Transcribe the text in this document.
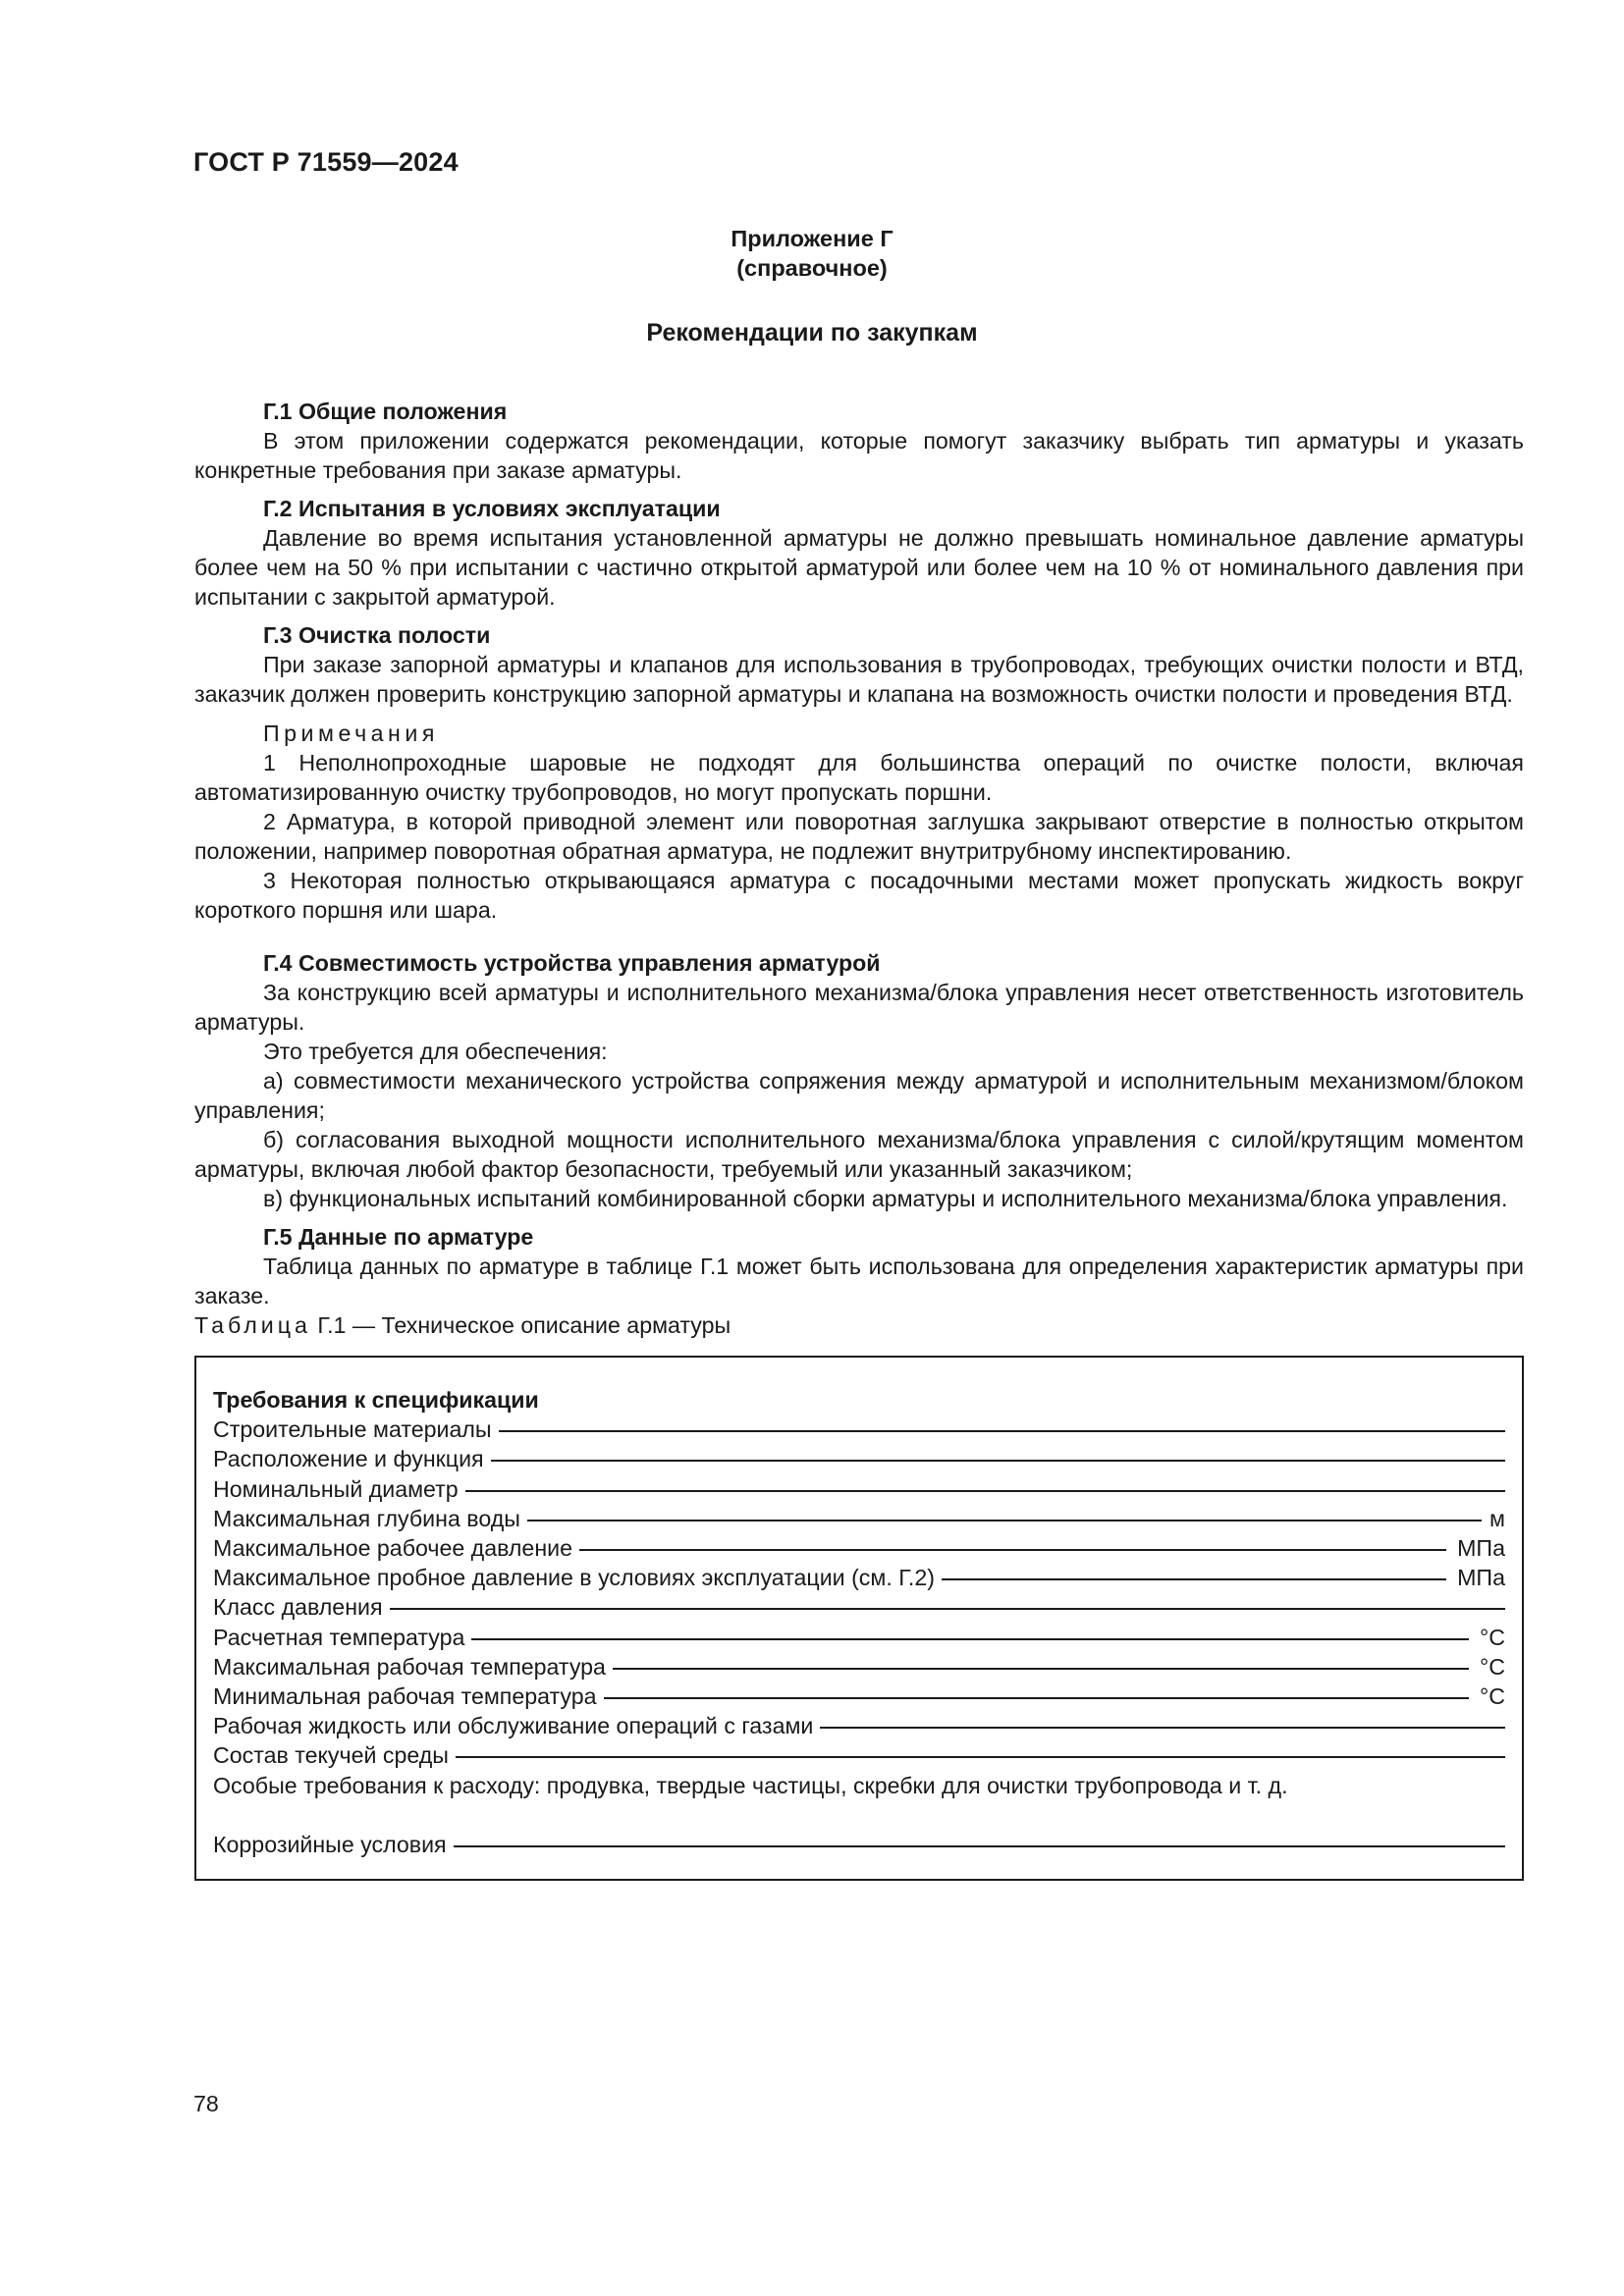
ГОСТ Р 71559—2024
Приложение Г
(справочное)
Рекомендации по закупкам
Г.1 Общие положения

В этом приложении содержатся рекомендации, которые помогут заказчику выбрать тип арматуры и указать конкретные требования при заказе арматуры.

Г.2 Испытания в условиях эксплуатации

Давление во время испытания установленной арматуры не должно превышать номинальное давление арматуры более чем на 50 % при испытании с частично открытой арматурой или более чем на 10 % от номинального давления при испытании с закрытой арматурой.

Г.3 Очистка полости

При заказе запорной арматуры и клапанов для использования в трубопроводах, требующих очистки полости и ВТД, заказчик должен проверить конструкцию запорной арматуры и клапана на возможность очистки полости и проведения ВТД.

Примечания

1 Неполнопроходные шаровые не подходят для большинства операций по очистке полости, включая автоматизированную очистку трубопроводов, но могут пропускать поршни.

2 Арматура, в которой приводной элемент или поворотная заглушка закрывают отверстие в полностью открытом положении, например поворотная обратная арматура, не подлежит внутритрубному инспектированию.

3 Некоторая полностью открывающаяся арматура с посадочными местами может пропускать жидкость вокруг короткого поршня или шара.

Г.4 Совместимость устройства управления арматурой

За конструкцию всей арматуры и исполнительного механизма/блока управления несет ответственность изготовитель арматуры.

Это требуется для обеспечения:

а) совместимости механического устройства сопряжения между арматурой и исполнительным механизмом/блоком управления;

б) согласования выходной мощности исполнительного механизма/блока управления с силой/крутящим моментом арматуры, включая любой фактор безопасности, требуемый или указанный заказчиком;

в) функциональных испытаний комбинированной сборки арматуры и исполнительного механизма/блока управления.

Г.5 Данные по арматуре

Таблица данных по арматуре в таблице Г.1 может быть использована для определения характеристик арматуры при заказе.

Таблица Г.1 — Техническое описание арматуры

Требования к спецификации
Строительные материалы
Расположение и функция
Номинальный диаметр
Максимальная глубина воды	м
Максимальное рабочее давление	МПа
Максимальное пробное давление в условиях эксплуатации (см. Г.2)	МПа
Класс давления
Расчетная температура	°С
Максимальная рабочая температура	°С
Минимальная рабочая температура	°С
Рабочая жидкость или обслуживание операций с газами
Состав текучей среды
Особые требования к расходу: продувка, твердые частицы, скребки для очистки трубопровода и т. д.
Коррозийные условия
78
